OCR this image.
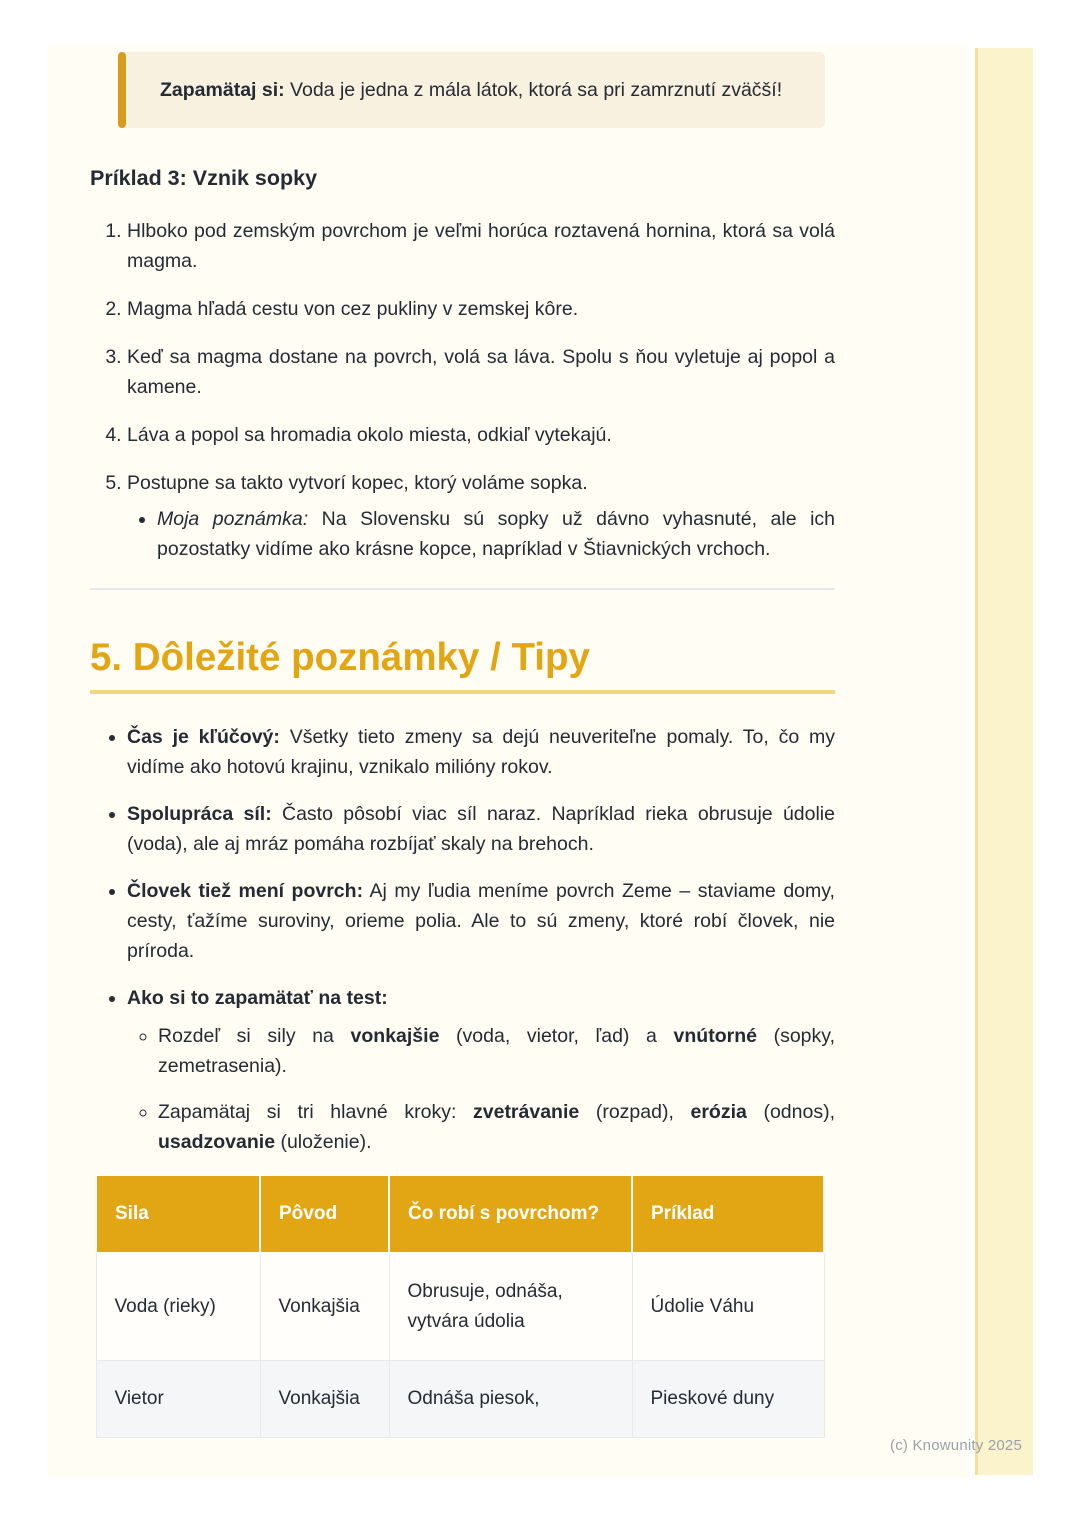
Zapamätaj si: Voda je jedna z mála látok, ktorá sa pri zamrznutí zväčší!

Príklad 3: Vznik sopky
1. Hlboko pod zemským povrchom je veľmi horúca roztavená hornina, ktorá sa volá magma.
2. Magma hľadá cestu von cez pukliny v zemskej kôre.
3. Keď sa magma dostane na povrch, volá sa láva. Spolu s ňou vyletuje aj popol a kamene.
4. Láva a popol sa hromadia okolo miesta, odkiaľ vytekajú.
5. Postupne sa takto vytvorí kopec, ktorý voláme sopka.
• Moja poznámka: Na Slovensku sú sopky už dávno vyhasnuté, ale ich pozostatky vidíme ako krásne kopce, napríklad v Štiavnických vrchoch.
5. Dôležité poznámky / Tipy
• Čas je kľúčový: Všetky tieto zmeny sa dejú neuveriteľne pomaly. To, čo my vidíme ako hotovú krajinu, vznikalo milióny rokov.
• Spolupráca síl: Často pôsobí viac síl naraz. Napríklad rieka obrusuje údolie (voda), ale aj mráz pomáha rozbíjať skaly na brehoch.
• Človek tiež mení povrch: Aj my ľudia meníme povrch Zeme – staviame domy, cesty, ťažíme suroviny, orieme polia. Ale to sú zmeny, ktoré robí človek, nie príroda.
• Ako si to zapamätať na test:
◦ Rozdeľ si sily na vonkajšie (voda, vietor, ľad) a vnútorné (sopky, zemetrasenia).
◦ Zapamätaj si tri hlavné kroky: zvetrávanie (rozpad), erózia (odnos), usadzovanie (uloženie).
Sila	Pôvod	Čo robí s povrchom?	Príklad
Voda (rieky)	Vonkajšia	Obrusuje, odnáša, vytvára údolia	Údolie Váhu
Vietor	Vonkajšia	Odnáša piesok,	Pieskové duny
(c) Knowunity 2025
